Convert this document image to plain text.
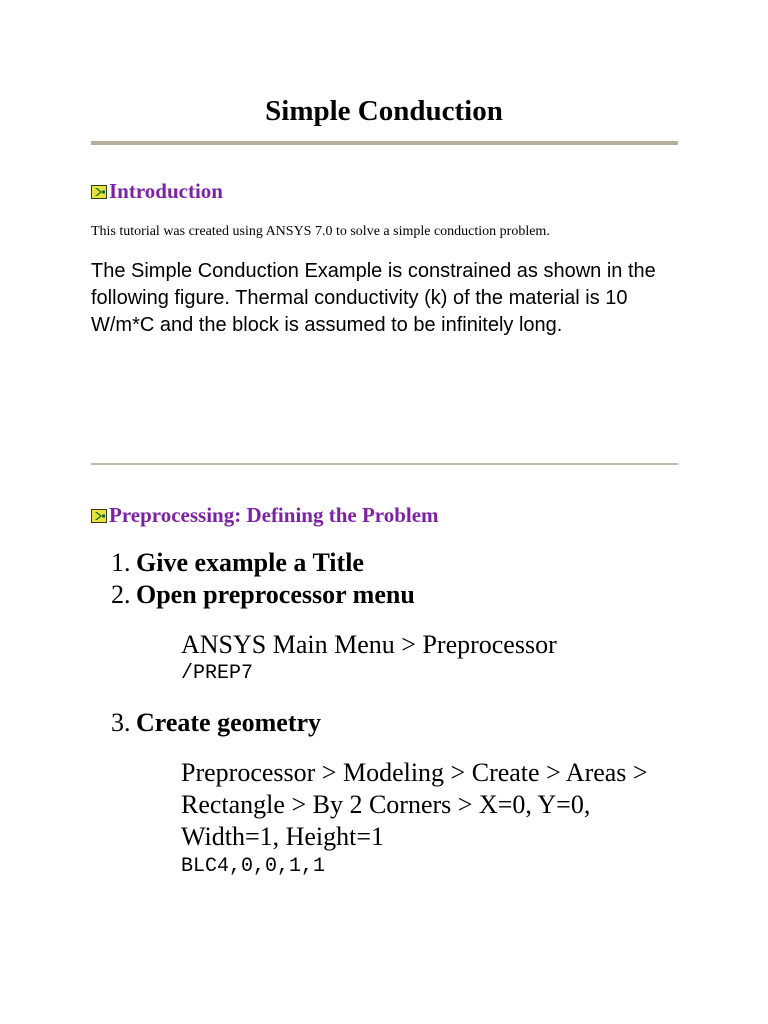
Simple Conduction
Introduction
This tutorial was created using ANSYS 7.0 to solve a simple conduction problem.
The Simple Conduction Example is constrained as shown in the following figure. Thermal conductivity (k) of the material is 10 W/m*C and the block is assumed to be infinitely long.
Preprocessing: Defining the Problem
1. Give example a Title
2. Open preprocessor menu
ANSYS Main Menu > Preprocessor
/PREP7
3. Create geometry
Preprocessor > Modeling > Create > Areas > Rectangle > By 2 Corners > X=0, Y=0, Width=1, Height=1
BLC4,0,0,1,1
